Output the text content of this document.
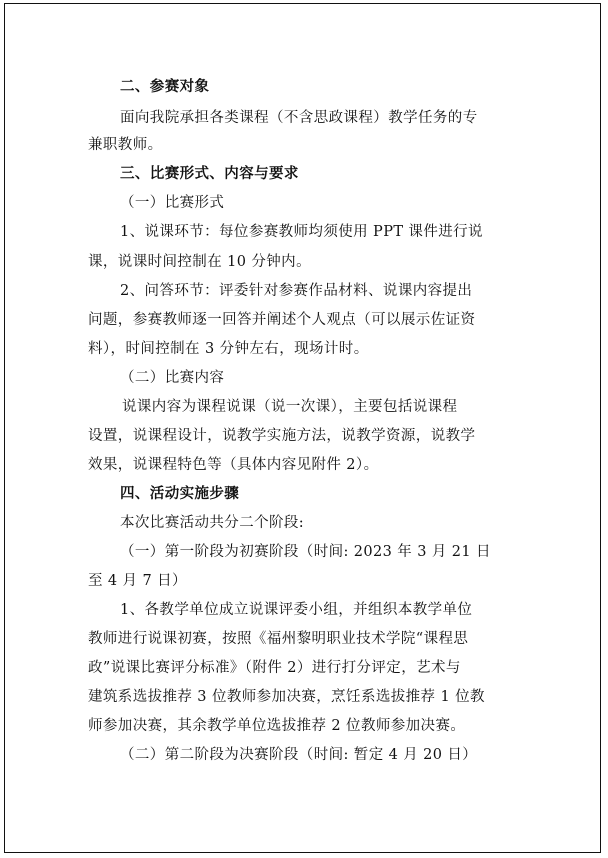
二、参赛对象
面向我院承担各类课程（不含思政课程）教学任务的专
兼职教师。
三、比赛形式、内容与要求
（一）比赛形式
1、说课环节：每位参赛教师均须使用 PPT 课件进行说
课，说课时间控制在 10 分钟内。
2、问答环节：评委针对参赛作品材料、说课内容提出
问题，参赛教师逐一回答并阐述个人观点（可以展示佐证资
料），时间控制在 3 分钟左右，现场计时。
（二）比赛内容
说课内容为课程说课（说一次课），主要包括说课程
设置，说课程设计，说教学实施方法，说教学资源，说教学
效果，说课程特色等（具体内容见附件 2）。
四、活动实施步骤
本次比赛活动共分二个阶段:
（一）第一阶段为初赛阶段（时间: 2023 年 3 月 21 日
至 4 月 7 日）
1、各教学单位成立说课评委小组，并组织本教学单位
教师进行说课初赛，按照《福州黎明职业技术学院“课程思
政”说课比赛评分标准》（附件 2）进行打分评定，艺术与
建筑系选拔推荐 3 位教师参加决赛，烹饪系选拔推荐 1 位教
师参加决赛，其余教学单位选拔推荐 2 位教师参加决赛。
（二）第二阶段为决赛阶段（时间: 暂定 4 月 20 日）
